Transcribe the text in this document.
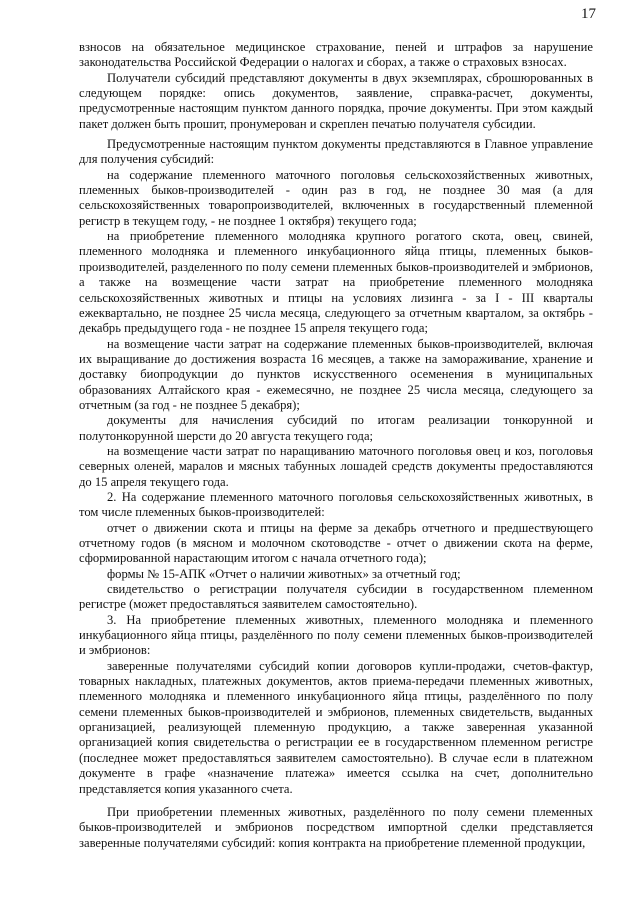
17

взносов на обязательное медицинское страхование, пеней и штрафов за нарушение законодательства Российской Федерации о налогах и сборах, а также о страховых взносах.

Получатели субсидий представляют документы в двух экземплярах, сброшюрованных в следующем порядке: опись документов, заявление, справка-расчет, документы, предусмотренные настоящим пунктом данного порядка, прочие документы. При этом каждый пакет должен быть прошит, пронумерован и скреплен печатью получателя субсидии.

Предусмотренные настоящим пунктом документы представляются в Главное управление для получения субсидий:

на содержание племенного маточного поголовья сельскохозяйственных животных, племенных быков-производителей - один раз в год, не позднее 30 мая (а для сельскохозяйственных товаропроизводителей, включенных в государственный племенной регистр в текущем году, - не позднее 1 октября) текущего года;

на приобретение племенного молодняка крупного рогатого скота, овец, свиней, племенного молодняка и племенного инкубационного яйца птицы, племенных быков-производителей, разделенного по полу семени племенных быков-производителей и эмбрионов, а также на возмещение части затрат на приобретение племенного молодняка сельскохозяйственных животных и птицы на условиях лизинга - за I - III кварталы ежеквартально, не позднее 25 числа месяца, следующего за отчетным кварталом, за октябрь - декабрь предыдущего года - не позднее 15 апреля текущего года;

на возмещение части затрат на содержание племенных быков-производителей, включая их выращивание до достижения возраста 16 месяцев, а также на замораживание, хранение и доставку биопродукции до пунктов искусственного осеменения в муниципальных образованиях Алтайского края - ежемесячно, не позднее 25 числа месяца, следующего за отчетным (за год - не позднее 5 декабря);

документы для начисления субсидий по итогам реализации тонкорунной и полутонкорунной шерсти до 20 августа текущего года;

на возмещение части затрат по наращиванию маточного поголовья овец и коз, поголовья северных оленей, маралов и мясных табунных лошадей средств документы предоставляются до 15 апреля текущего года.

2. На содержание племенного маточного поголовья сельскохозяйственных животных, в том числе племенных быков-производителей:

отчет о движении скота и птицы на ферме за декабрь отчетного и предшествующего отчетному годов (в мясном и молочном скотоводстве - отчет о движении скота на ферме, сформированной нарастающим итогом с начала отчетного года);

формы № 15-АПК «Отчет о наличии животных» за отчетный год;

свидетельство о регистрации получателя субсидии в государственном племенном регистре (может предоставляться заявителем самостоятельно).

3. На приобретение племенных животных, племенного молодняка и племенного инкубационного яйца птицы, разделённого по полу семени племенных быков-производителей и эмбрионов:

заверенные получателями субсидий копии договоров купли-продажи, счетов-фактур, товарных накладных, платежных документов, актов приема-передачи племенных животных, племенного молодняка и племенного инкубационного яйца птицы, разделённого по полу семени племенных быков-производителей и эмбрионов, племенных свидетельств, выданных организацией, реализующей племенную продукцию, а также заверенная указанной организацией копия свидетельства о регистрации ее в государственном племенном регистре (последнее может предоставляться заявителем самостоятельно). В случае если в платежном документе в графе «назначение платежа» имеется ссылка на счет, дополнительно представляется копия указанного счета.

При приобретении племенных животных, разделённого по полу семени племенных быков-производителей и эмбрионов посредством импортной сделки представляется заверенные получателями субсидий: копия контракта на приобретение племенной продукции,
